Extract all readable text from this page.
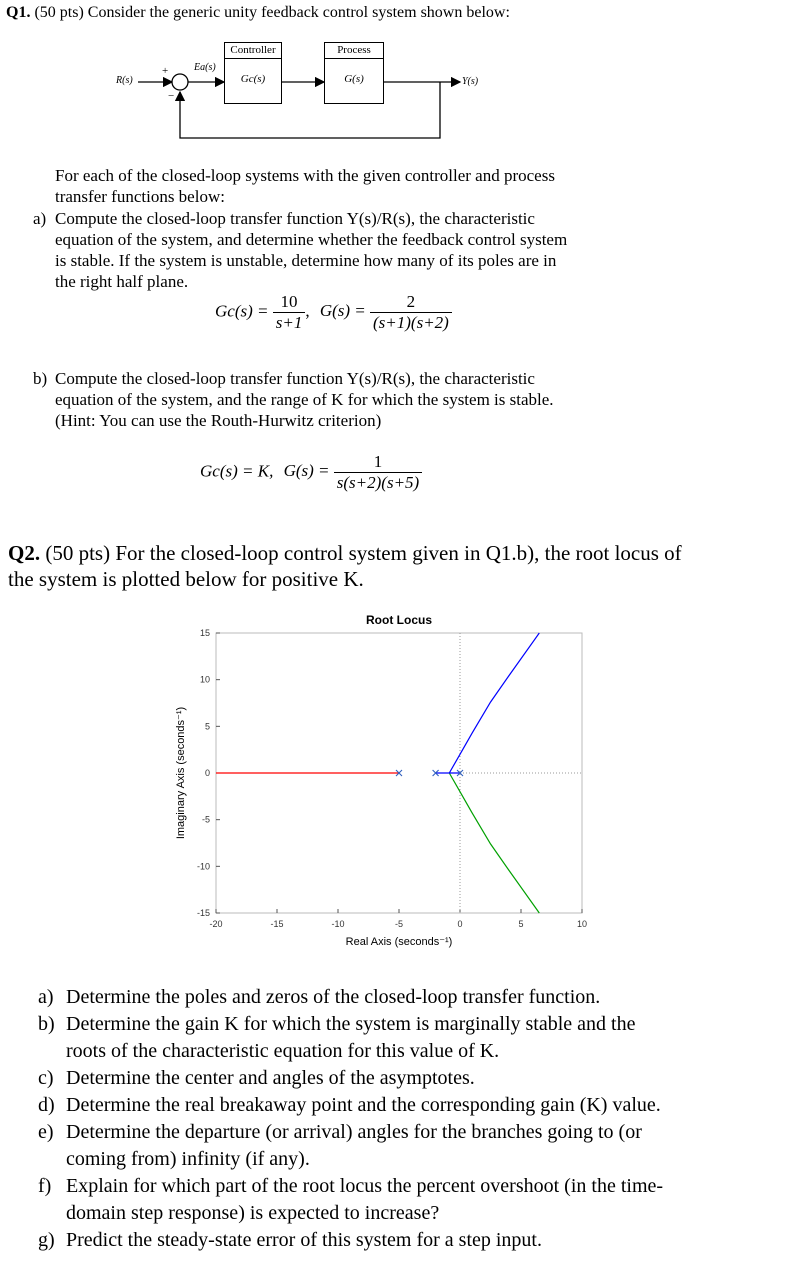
Q1. (50 pts) Consider the generic unity feedback control system shown below:
Controller
Gc(s)
Process
G(s)
R(s)	Y(s)
Ea(s)
+
−
For each of the closed-loop systems with the given controller and process
transfer functions below:
a) Compute the closed-loop transfer function Y(s)/R(s), the characteristic
equation of the system, and determine whether the feedback control system
is stable. If the system is unstable, determine how many of its poles are in
the right half plane.
$Gc(s) = \frac{10}{s+1}$ , $G(s) = \frac{2}{(s+1)(s+2)}$
b) Compute the closed-loop transfer function Y(s)/R(s), the characteristic
equation of the system, and the range of K for which the system is stable.
(Hint: You can use the Routh-Hurwitz criterion)
Gc(s) = K, $G(s) = \frac{1}{s(s+2)(s+5)}$
Q2. (50 pts) For the closed-loop control system given in Q1.b), the root locus of
the system is plotted below for positive K.
-20	-15	-10	-5	0	5	10
-15
-10
-5
0
5
10
15
Root Locus
Real Axis (seconds⁻¹)
Imaginary Axis (seconds⁻¹)
a) Determine the poles and zeros of the closed-loop transfer function.
b) Determine the gain K for which the system is marginally stable and the
roots of the characteristic equation for this value of K.
c) Determine the center and angles of the asymptotes.
d) Determine the real breakaway point and the corresponding gain (K) value.
e) Determine the departure (or arrival) angles for the branches going to (or
coming from) infinity (if any).
f) Explain for which part of the root locus the percent overshoot (in the time-
domain step response) is expected to increase?
g) Predict the steady-state error of this system for a step input.
